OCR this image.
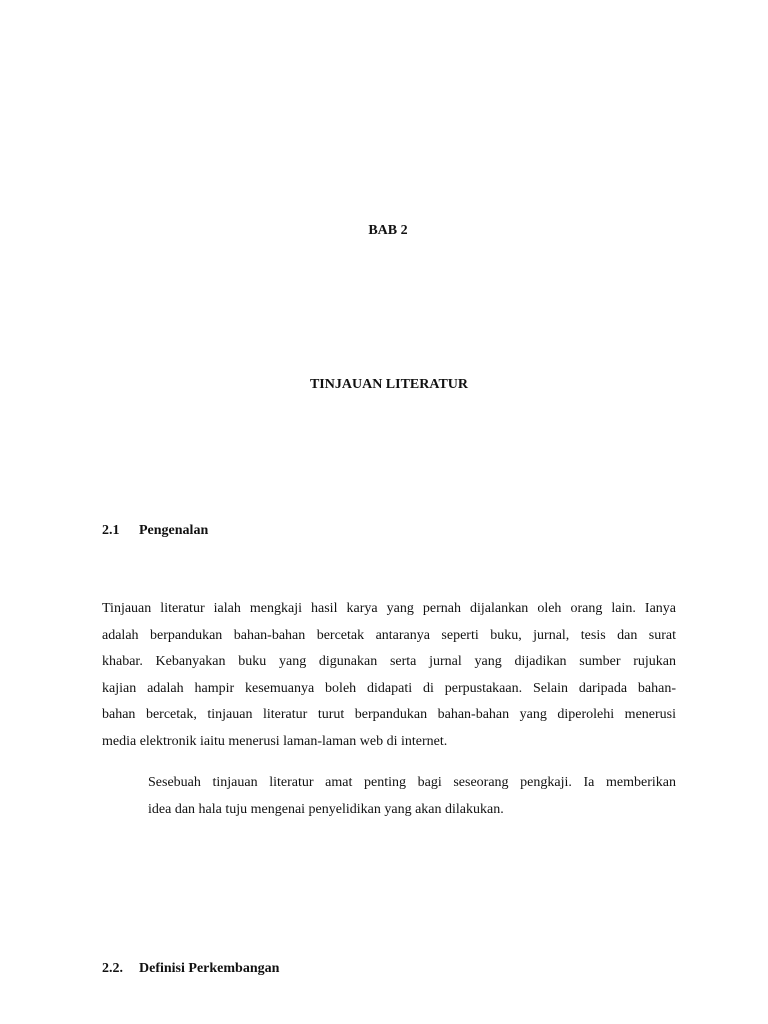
BAB 2
TINJAUAN LITERATUR
2.1 Pengenalan
Tinjauan literatur ialah mengkaji hasil karya yang pernah dijalankan oleh orang lain. Ianya
adalah berpandukan bahan-bahan bercetak antaranya seperti buku, jurnal, tesis dan surat
khabar. Kebanyakan buku yang digunakan serta jurnal yang dijadikan sumber rujukan
kajian adalah hampir kesemuanya boleh didapati di perpustakaan. Selain daripada bahan-
bahan bercetak, tinjauan literatur turut berpandukan bahan-bahan yang diperolehi menerusi
media elektronik iaitu menerusi laman-laman web di internet.
Sesebuah tinjauan literatur amat penting bagi seseorang pengkaji. Ia memberikan
idea dan hala tuju mengenai penyelidikan yang akan dilakukan.
2.2. Definisi Perkembangan
